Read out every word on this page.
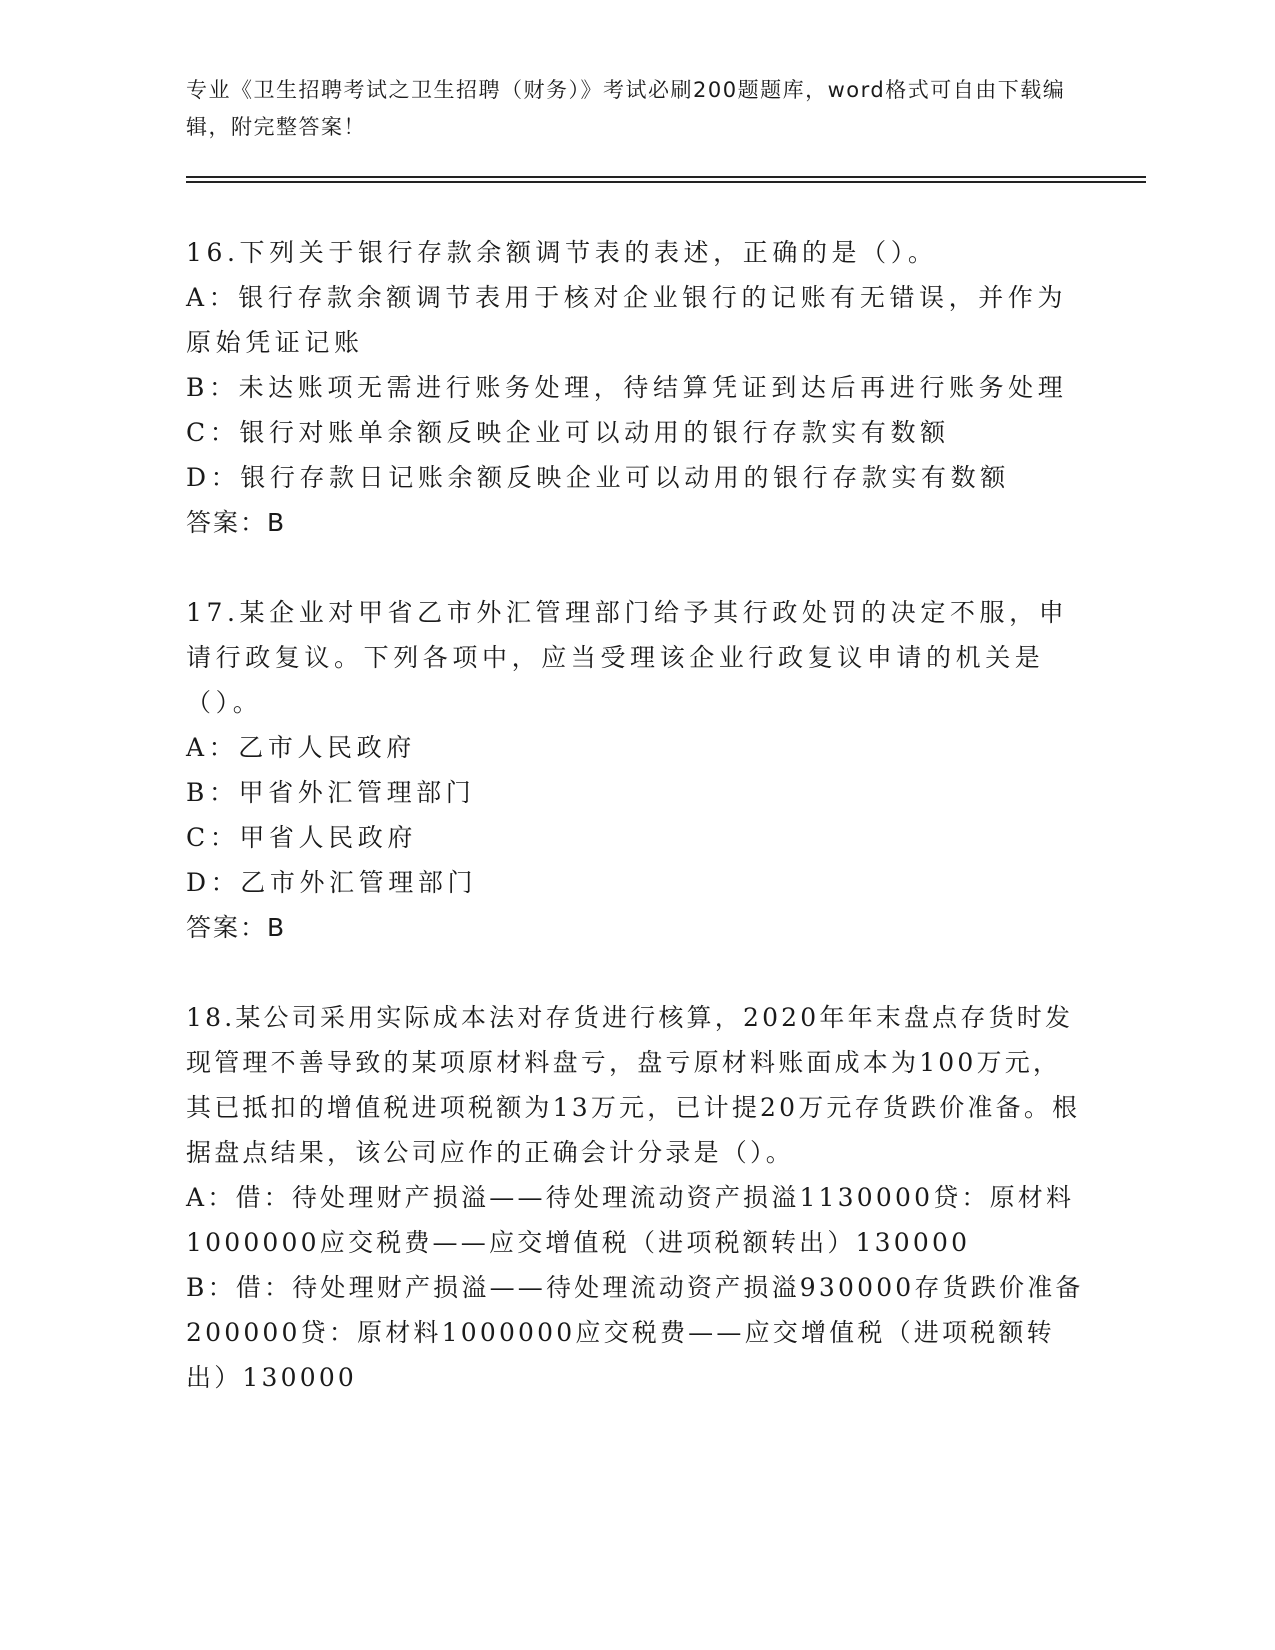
专业《卫生招聘考试之卫生招聘（财务）》考试必刷200题题库，word格式可自由下载编辑，附完整答案！

16.下列关于银行存款余额调节表的表述，正确的是（）。

A：银行存款余额调节表用于核对企业银行的记账有无错误，并作为原始凭证记账

B：未达账项无需进行账务处理，待结算凭证到达后再进行账务处理

C：银行对账单余额反映企业可以动用的银行存款实有数额

D：银行存款日记账余额反映企业可以动用的银行存款实有数额

答案：B

17.某企业对甲省乙市外汇管理部门给予其行政处罚的决定不服，申请行政复议。下列各项中，应当受理该企业行政复议申请的机关是（）。

A：乙市人民政府

B：甲省外汇管理部门

C：甲省人民政府

D：乙市外汇管理部门

答案：B

18.某公司采用实际成本法对存货进行核算，2020年年末盘点存货时发现管理不善导致的某项原材料盘亏，盘亏原材料账面成本为100万元，其已抵扣的增值税进项税额为13万元，已计提20万元存货跌价准备。根据盘点结果，该公司应作的正确会计分录是（）。

A：借：待处理财产损溢——待处理流动资产损溢1130000贷：原材料1000000应交税费——应交增值税（进项税额转出）130000

B：借：待处理财产损溢——待处理流动资产损溢930000存货跌价准备200000贷：原材料1000000应交税费——应交增值税（进项税额转出）130000
